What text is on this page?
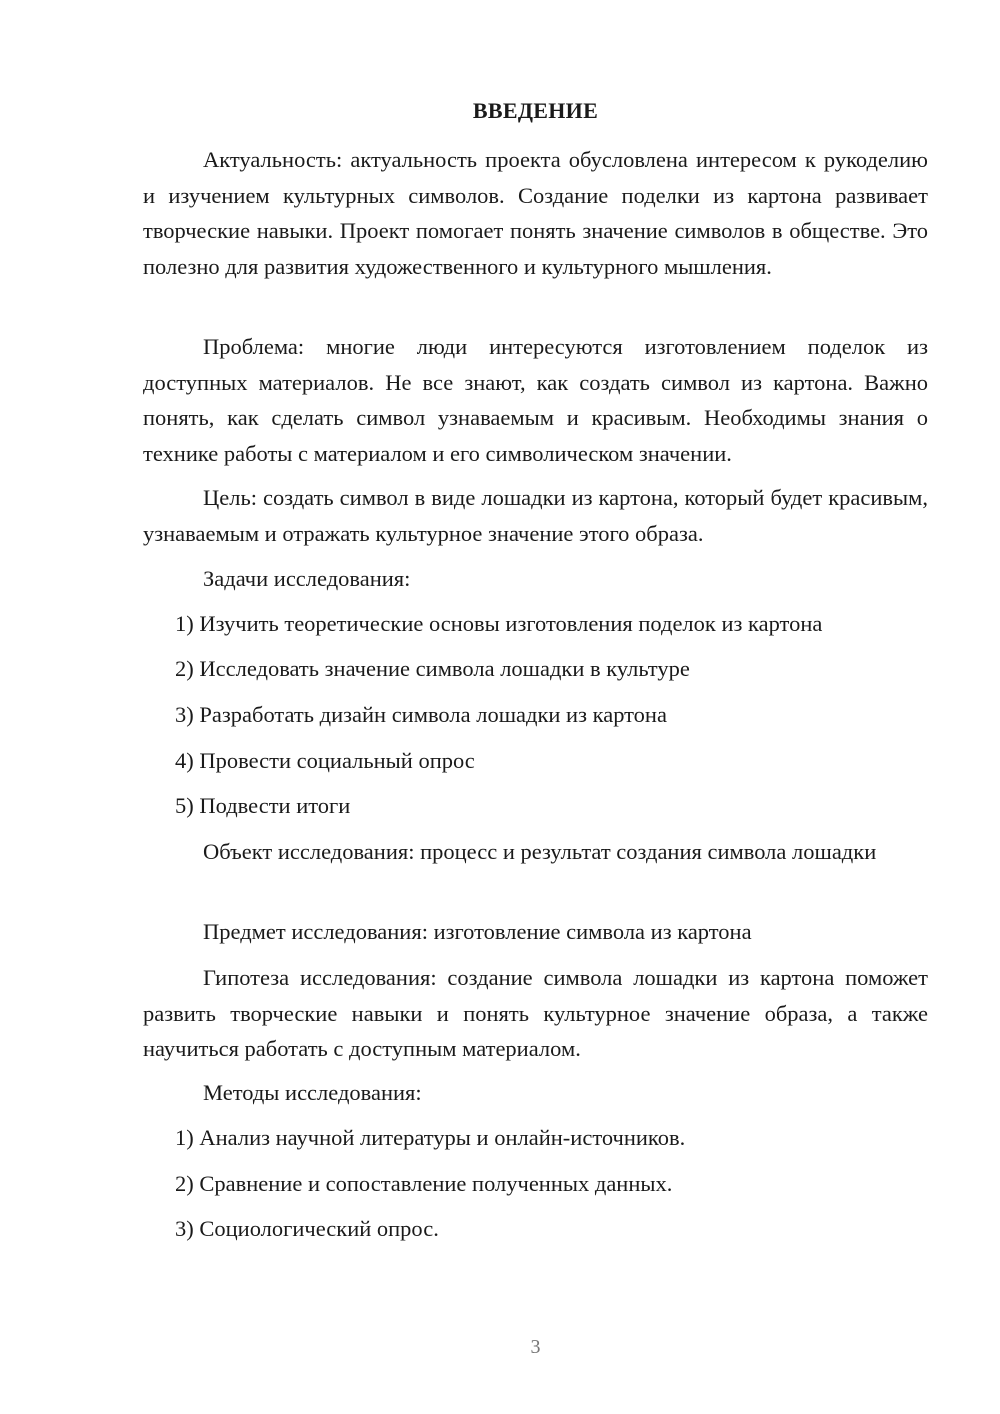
ВВЕДЕНИЕ

Актуальность: актуальность проекта обусловлена интересом к рукоделию и изучением культурных символов. Создание поделки из картона развивает творческие навыки. Проект помогает понять значение символов в обществе. Это полезно для развития художественного и культурного мышления.

Проблема: многие люди интересуются изготовлением поделок из доступных материалов. Не все знают, как создать символ из картона. Важно понять, как сделать символ узнаваемым и красивым. Необходимы знания о технике работы с материалом и его символическом значении.

Цель: создать символ в виде лошадки из картона, который будет красивым, узнаваемым и отражать культурное значение этого образа.

Задачи исследования:

1) Изучить теоретические основы изготовления поделок из картона

2) Исследовать значение символа лошадки в культуре

3) Разработать дизайн символа лошадки из картона

4) Провести социальный опрос

5) Подвести итоги

Объект исследования: процесс и результат создания символа лошадки

Предмет исследования: изготовление символа из картона

Гипотеза исследования: создание символа лошадки из картона поможет развить творческие навыки и понять культурное значение образа, а также научиться работать с доступным материалом.

Методы исследования:

1) Анализ научной литературы и онлайн-источников.

2) Сравнение и сопоставление полученных данных.

3) Социологический опрос.

3
